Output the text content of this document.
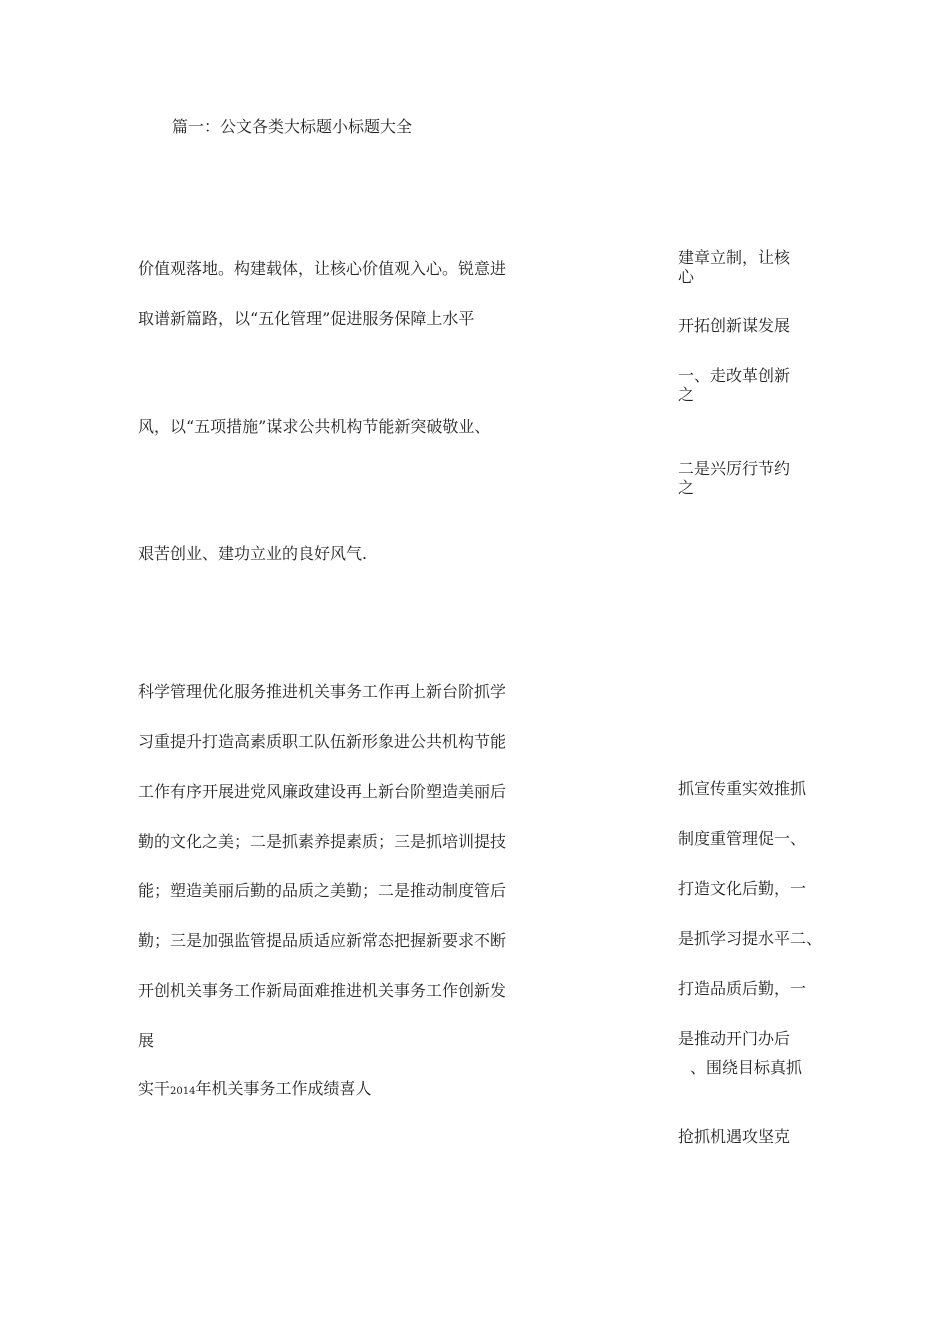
篇一：公文各类大标题小标题大全
价值观落地。构建载体，让核心价值观入心。锐意进
取谱新篇路，以“五化管理”促进服务保障上水平
风，以“五项措施”谋求公共机构节能新突破敬业、
艰苦创业、建功立业的良好风气.
科学管理优化服务推进机关事务工作再上新台阶抓学
习重提升打造高素质职工队伍新形象进公共机构节能
工作有序开展进党风廉政建设再上新台阶塑造美丽后
勤的文化之美；二是抓素养提素质；三是抓培训提技
能；塑造美丽后勤的品质之美勤；二是推动制度管后
勤；三是加强监管提品质适应新常态把握新要求不断
开创机关事务工作新局面难推进机关事务工作创新发
展
实干2014年机关事务工作成绩喜人
建章立制，让核
心
开拓创新谋发展
一、走改革创新
之
二是兴厉行节约
之
抓宣传重实效推抓
制度重管理促一、
打造文化后勤，一
是抓学习提水平二、
打造品质后勤，一
是推动开门办后
、围绕目标真抓
抢抓机遇攻坚克
